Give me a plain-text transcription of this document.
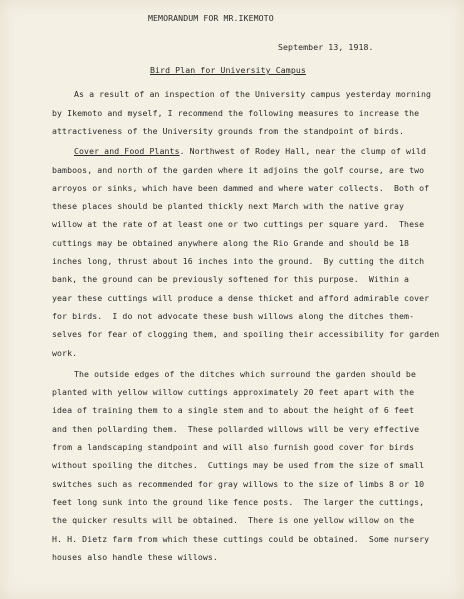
MEMORANDUM FOR MR.IKEMOTO
September 13, 1918.
Bird Plan for University Campus
As a result of an inspection of the University campus yesterday morning
by Ikemoto and myself, I recommend the following measures to increase the
attractiveness of the University grounds from the standpoint of birds.
Cover and Food Plants. Northwest of Rodey Hall, near the clump of wild
bamboos, and north of the garden where it adjoins the golf course, are two
arroyos or sinks, which have been dammed and where water collects.  Both of
these places should be planted thickly next March with the native gray
willow at the rate of at least one or two cuttings per square yard.  These
cuttings may be obtained anywhere along the Rio Grande and should be 18
inches long, thrust about 16 inches into the ground.  By cutting the ditch
bank, the ground can be previously softened for this purpose.  Within a
year these cuttings will produce a dense thicket and afford admirable cover
for birds.  I do not advocate these bush willows along the ditches them-
selves for fear of clogging them, and spoiling their accessibility for garden
work.
The outside edges of the ditches which surround the garden should be
planted with yellow willow cuttings approximately 20 feet apart with the
idea of training them to a single stem and to about the height of 6 feet
and then pollarding them.  These pollarded willows will be very effective
from a landscaping standpoint and will also furnish good cover for birds
without spoiling the ditches.  Cuttings may be used from the size of small
switches such as recommended for gray willows to the size of limbs 8 or 10
feet long sunk into the ground like fence posts.  The larger the cuttings,
the quicker results will be obtained.  There is one yellow willow on the
H. H. Dietz farm from which these cuttings could be obtained.  Some nursery
houses also handle these willows.
